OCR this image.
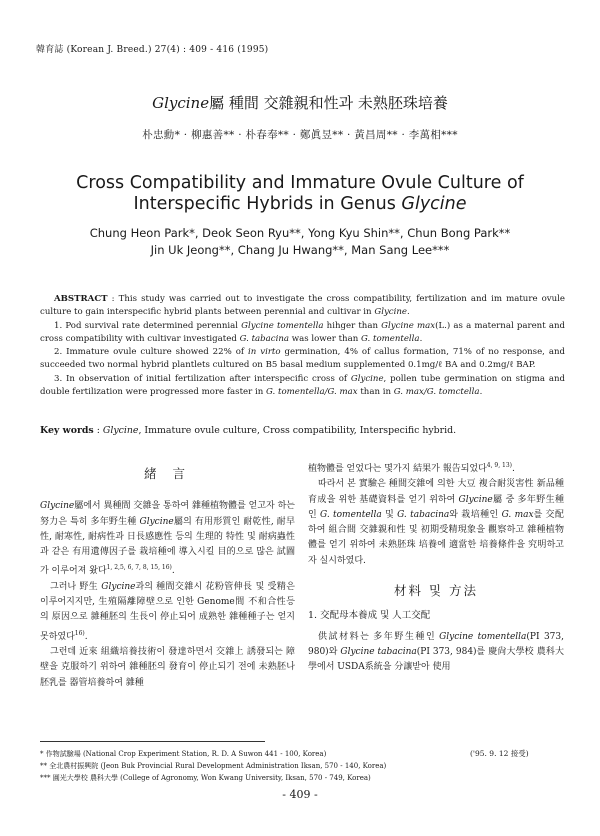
韓育誌 (Korean J. Breed.) 27(4) : 409 - 416 (1995)
Glycine屬 種間 交雜親和性과 未熟胚珠培養
朴忠勳* · 柳惠善** · 朴春奉** · 鄭眞昱** · 黃昌周** · 李萬相***
Cross Compatibility and Immature Ovule Culture of
Interspecific Hybrids in Genus Glycine
Chung Heon Park*, Deok Seon Ryu**, Yong Kyu Shin**, Chun Bong Park**
Jin Uk Jeong**, Chang Ju Hwang**, Man Sang Lee***

ABSTRACT : This study was carried out to investigate the cross compatibility, fertilization and im mature ovule culture to gain interspecific hybrid plants between perennial and cultivar in Glycine.

1. Pod survival rate determined perennial Glycine tomentella hihger than Glycine max(L.) as a maternal parent and cross compatibility with cultivar investigated G. tabacina was lower than G. tomentella.

2. Immature ovule culture showed 22% of in virto germination, 4% of callus formation, 71% of no response, and succeeded two normal hybrid plantlets cultured on B5 basal medium supplemented 0.1mg/ℓ BA and 0.2mg/ℓ BAP.

3. In observation of initial fertilization after interspecific cross of Glycine, pollen tube germination on stigma and double fertilization were progressed more faster in G. tomentella/G. max than in G. max/G. tomctella.

Key words : Glycine, Immature ovule culture, Cross compatibility, Interspecific hybrid.
緒 言

Glycine屬에서 異種間 交雜을 통하여 雜種植物體를 얻고자 하는 努力은 특히 多年野生種 Glycine屬의 有用形質인 耐乾性, 耐早性, 耐寒性, 耐病性과 日長感應性 등의 生理的 特性 및 耐病蟲性과 같은 有用遺傳因子를 栽培種에 導入시킬 目的으로 많은 試圖가 이루어져 왔다$^{1, 2,5, 6, 7, 8, 15, 16)}$.

그러나 野生 Glycine과의 種間交雜시 花粉管伸長 및 受精은 이루어지지만, 生殖隔離障壁으로 인한 Genome間 不和合性등의 原因으로 雜種胚의 生長이 停止되어 成熟한 雜種種子는 얻지 못하였다$^{16)}$.

그런데 近來 組織培養技術이 發達하면서 交雜上 誘發되는 障壁을 克服하기 위하여 雜種胚의 發育이 停止되기 전에 未熟胚나 胚乳를 器管培養하여 雜種

植物體를 얻었다는 몇가지 結果가 報告되었다$^{4, 9, 13)}$.

따라서 본 實驗은 種間交雜에 의한 大豆 複合耐災害性 新品種 育成을 위한 基礎資料를 얻기 위하여 Glycine屬 중 多年野生種인 G. tomentella 및 G. tabacina와 栽培種인 G. max를 交配하여 組合間 交雜親和性 및 初期受精現象을 觀察하고 雜種植物體를 얻기 위하여 未熟胚珠 培養에 適當한 培養條件을 究明하고자 실시하였다.

材料 및 方法
1. 交配母本養成 및 人工交配

供試材料는 多年野生種인 Glycine tomentella(PI 373, 980)와 Glycine tabacina(PI 373, 984)를 慶尙大學校 農科大學에서 USDA系統을 分讓받아 使用

* 作物試驗場 (National Crop Experiment Station, R. D. A Suwon 441 - 100, Korea)

** 全北農村振興院 (Jeon Buk Provincial Rural Development Administration Iksan, 570 - 140, Korea)

*** 圓光大學校 農科大學 (College of Agronomy, Won Kwang University, Iksan, 570 - 749, Korea)

('95. 9. 12 接受)
- 409 -
